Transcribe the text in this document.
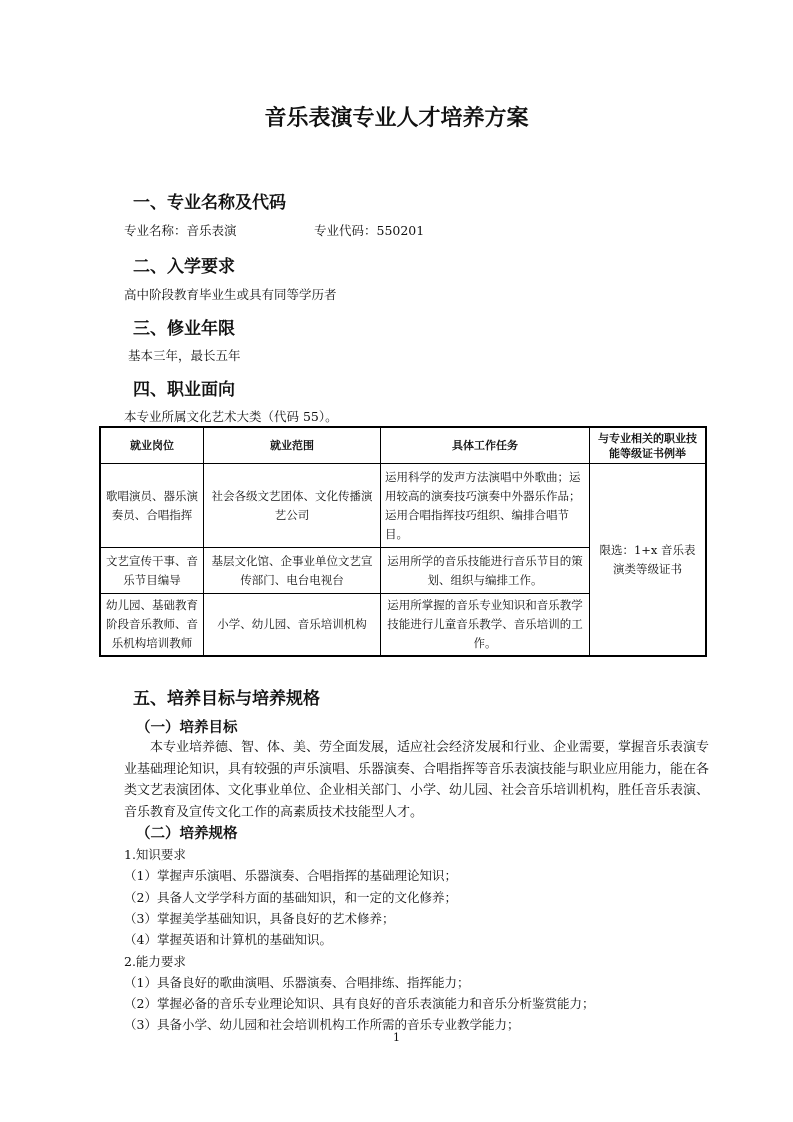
音乐表演专业人才培养方案
一、专业名称及代码
专业名称：音乐表演	专业代码：550201
二、入学要求
高中阶段教育毕业生或具有同等学历者
三、修业年限
基本三年，最长五年
四、职业面向
本专业所属文化艺术大类（代码 55）。
就业岗位	就业范围	具体工作任务	与专业相关的职业技能等级证书例举
歌唱演员、器乐演奏员、合唱指挥	社会各级文艺团体、文化传播演艺公司	运用科学的发声方法演唱中外歌曲；运用较高的演奏技巧演奏中外器乐作品；运用合唱指挥技巧组织、编排合唱节目。	限选：1+x 音乐表演类等级证书
文艺宣传干事、音乐节目编导	基层文化馆、企事业单位文艺宣传部门、电台电视台	运用所学的音乐技能进行音乐节目的策划、组织与编排工作。	
幼儿园、基础教育阶段音乐教师、音乐机构培训教师	小学、幼儿园、音乐培训机构	运用所掌握的音乐专业知识和音乐教学技能进行儿童音乐教学、音乐培训的工作。	
五、培养目标与培养规格
（一）培养目标
本专业培养德、智、体、美、劳全面发展，适应社会经济发展和行业、企业需要，掌握音乐表演专业基础理论知识，具有较强的声乐演唱、乐器演奏、合唱指挥等音乐表演技能与职业应用能力，能在各类文艺表演团体、文化事业单位、企业相关部门、小学、幼儿园、社会音乐培训机构，胜任音乐表演、音乐教育及宣传文化工作的高素质技术技能型人才。
（二）培养规格
1.知识要求
（1）掌握声乐演唱、乐器演奏、合唱指挥的基础理论知识；
（2）具备人文学学科方面的基础知识，和一定的文化修养；
（3）掌握美学基础知识，具备良好的艺术修养；
（4）掌握英语和计算机的基础知识。
2.能力要求
（1）具备良好的歌曲演唱、乐器演奏、合唱排练、指挥能力；
（2）掌握必备的音乐专业理论知识、具有良好的音乐表演能力和音乐分析鉴赏能力；
（3）具备小学、幼儿园和社会培训机构工作所需的音乐专业教学能力；
1
